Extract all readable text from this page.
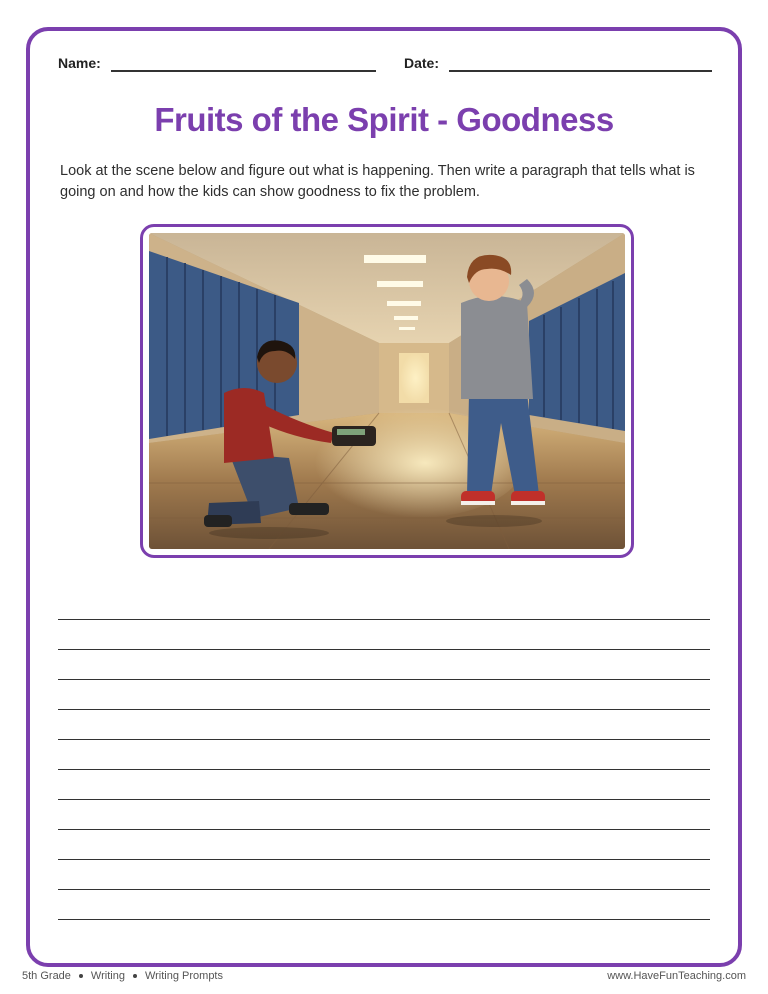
Name:	Date:
Fruits of the Spirit - Goodness

Look at the scene below and figure out what is happening. Then write a paragraph that tells what is going on and how the kids can show goodness to fix the problem.

5th Grade Writing Writing Prompts	www.HaveFunTeaching.com
